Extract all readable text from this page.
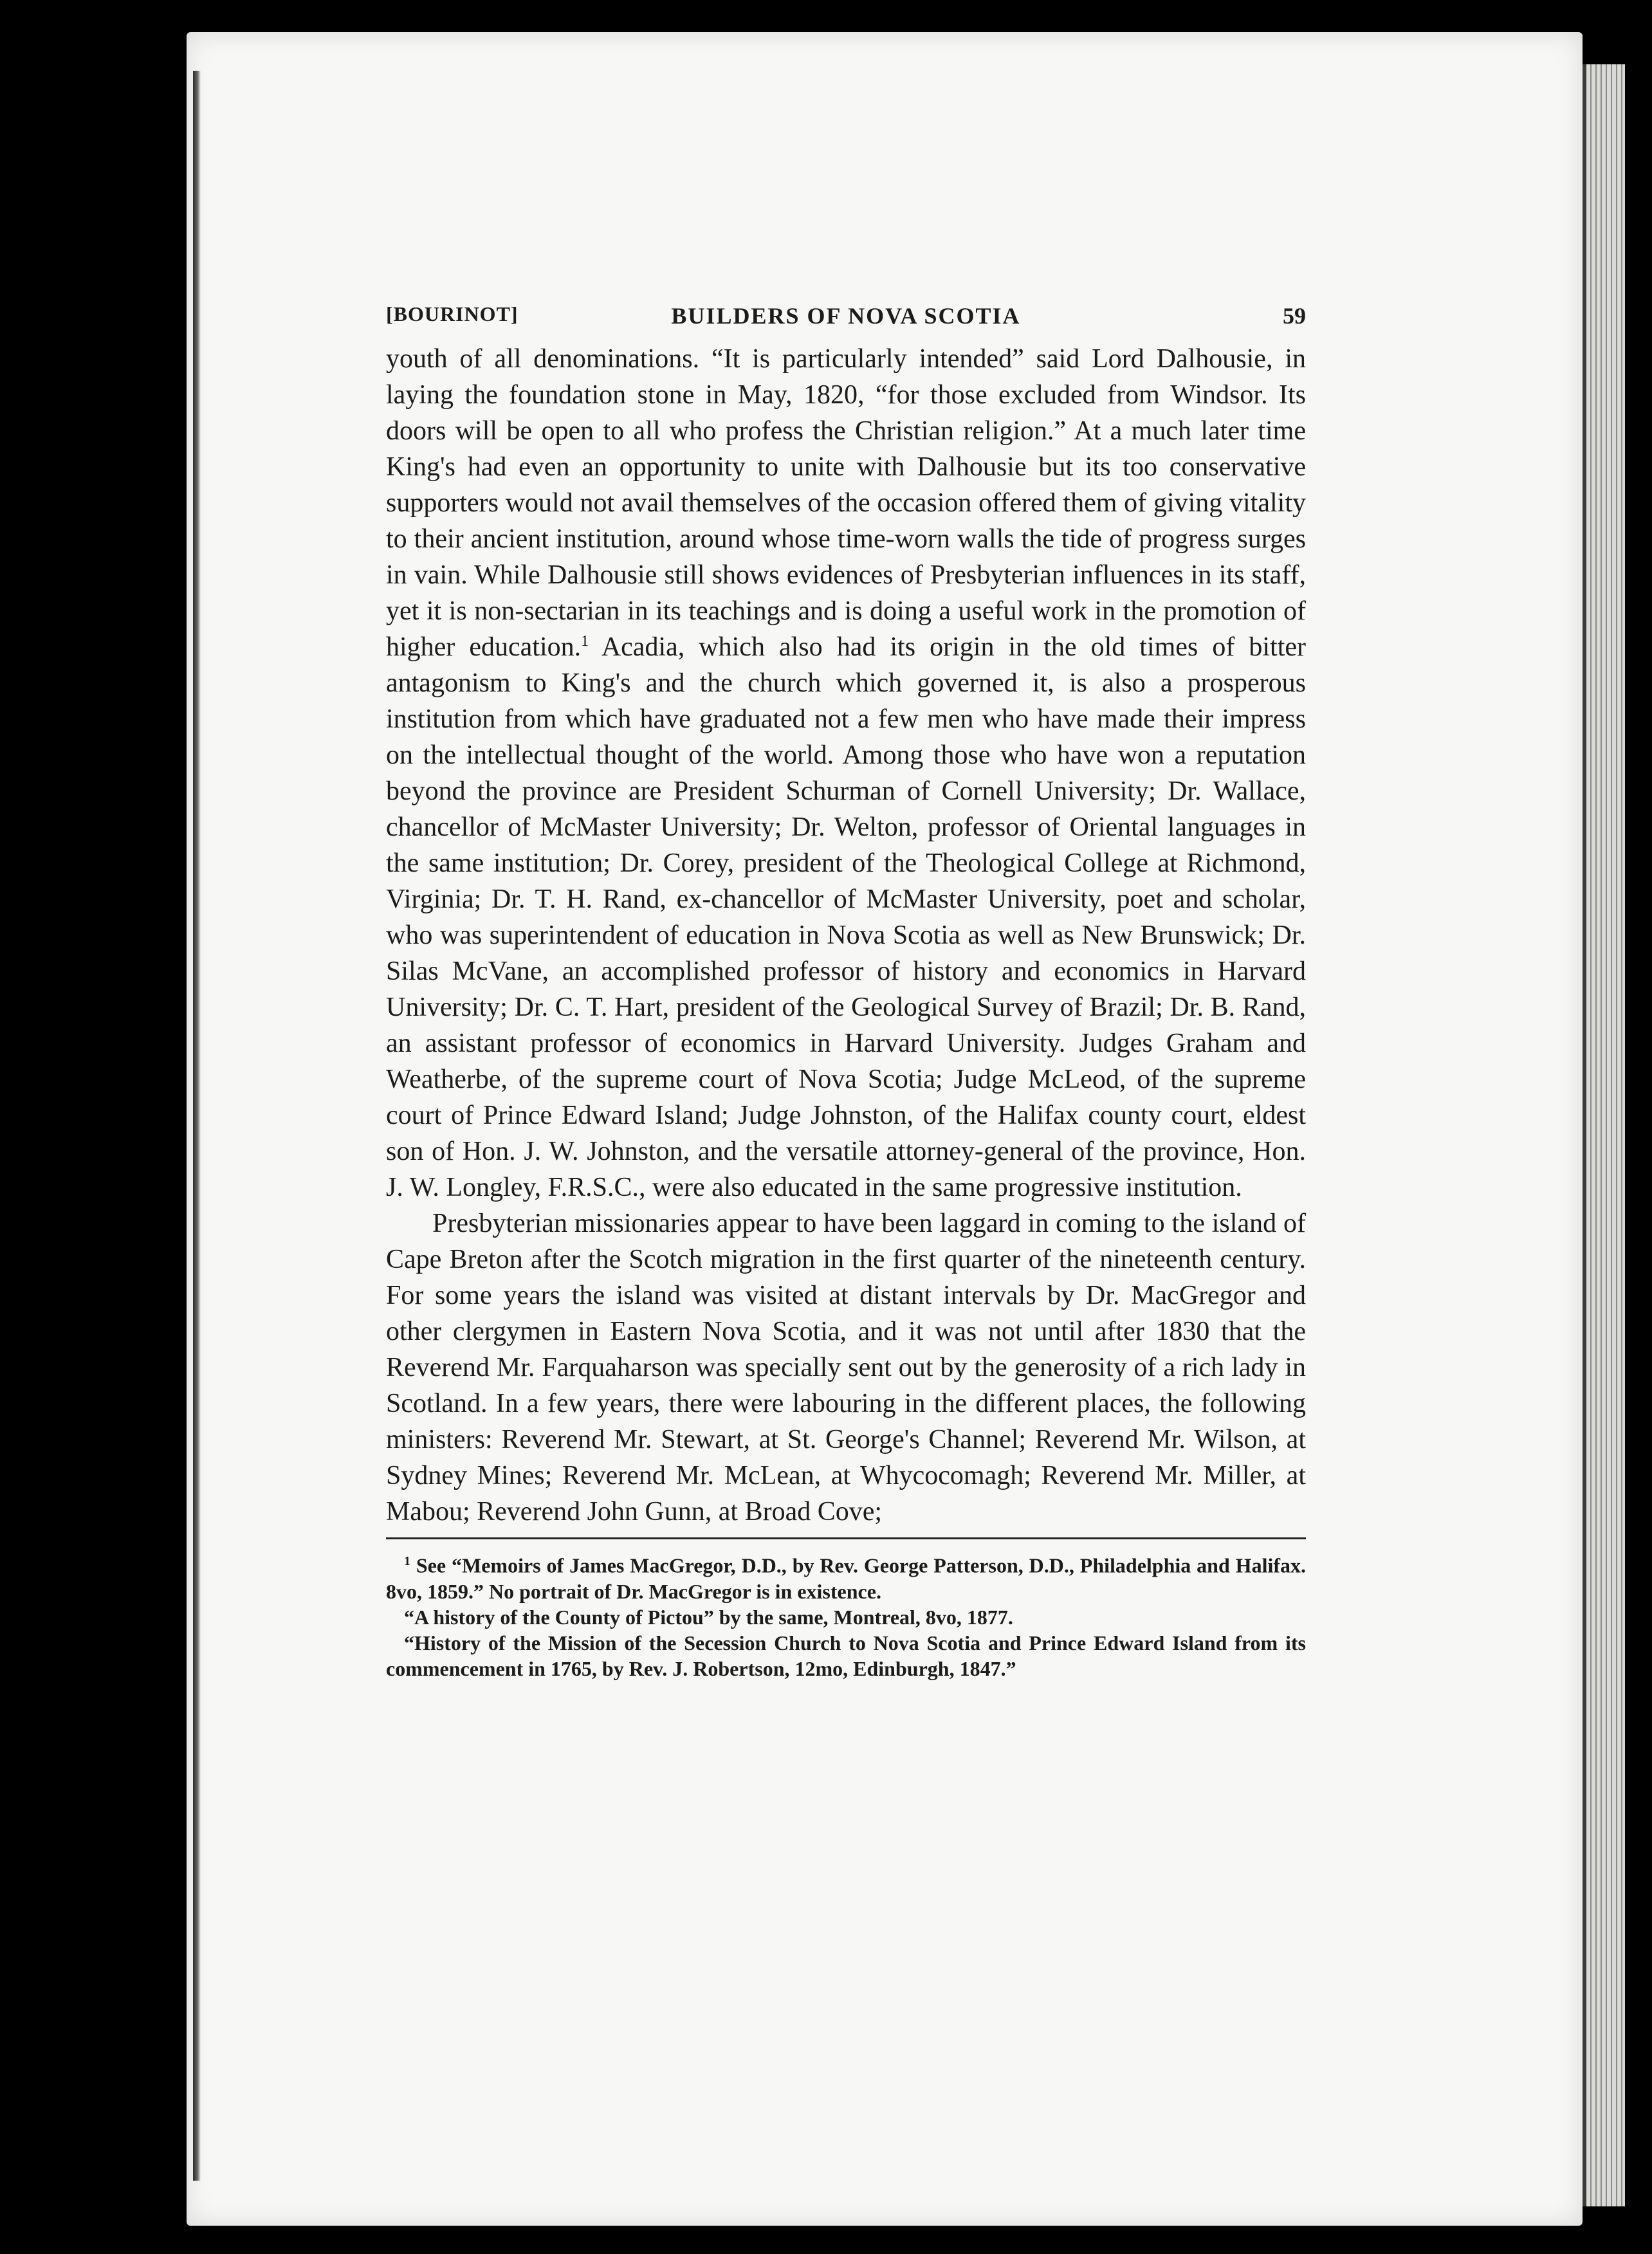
[BOURINOT]	BUILDERS OF NOVA SCOTIA	59

youth of all denominations. “It is particularly intended” said Lord Dalhousie, in laying the foundation stone in May, 1820, “for those excluded from Windsor. Its doors will be open to all who profess the Christian religion.” At a much later time King's had even an opportunity to unite with Dalhousie but its too conservative supporters would not avail themselves of the occasion offered them of giving vitality to their ancient institution, around whose time-worn walls the tide of progress surges in vain. While Dalhousie still shows evidences of Presbyterian influences in its staff, yet it is non-sectarian in its teachings and is doing a useful work in the promotion of higher education.$^1$ Acadia, which also had its origin in the old times of bitter antagonism to King's and the church which governed it, is also a prosperous institution from which have graduated not a few men who have made their impress on the intellectual thought of the world. Among those who have won a reputation beyond the province are President Schurman of Cornell University; Dr. Wallace, chancellor of McMaster University; Dr. Welton, professor of Oriental languages in the same institution; Dr. Corey, president of the Theological College at Richmond, Virginia; Dr. T. H. Rand, ex-chancellor of McMaster University, poet and scholar, who was superintendent of education in Nova Scotia as well as New Brunswick; Dr. Silas McVane, an accomplished professor of history and economics in Harvard University; Dr. C. T. Hart, president of the Geological Survey of Brazil; Dr. B. Rand, an assistant professor of economics in Harvard University. Judges Graham and Weatherbe, of the supreme court of Nova Scotia; Judge McLeod, of the supreme court of Prince Edward Island; Judge Johnston, of the Halifax county court, eldest son of Hon. J. W. Johnston, and the versatile attorney-general of the province, Hon. J. W. Longley, F.R.S.C., were also educated in the same progressive institution.

Presbyterian missionaries appear to have been laggard in coming to the island of Cape Breton after the Scotch migration in the first quarter of the nineteenth century. For some years the island was visited at distant intervals by Dr. MacGregor and other clergymen in Eastern Nova Scotia, and it was not until after 1830 that the Reverend Mr. Farquaharson was specially sent out by the generosity of a rich lady in Scotland. In a few years, there were labouring in the different places, the following ministers: Reverend Mr. Stewart, at St. George's Channel; Reverend Mr. Wilson, at Sydney Mines; Reverend Mr. McLean, at Whycocomagh; Reverend Mr. Miller, at Mabou; Reverend John Gunn, at Broad Cove;

$^1$ See “Memoirs of James MacGregor, D.D., by Rev. George Patterson, D.D., Philadelphia and Halifax. 8vo, 1859.” No portrait of Dr. MacGregor is in existence.

“A history of the County of Pictou” by the same, Montreal, 8vo, 1877.

“History of the Mission of the Secession Church to Nova Scotia and Prince Edward Island from its commencement in 1765, by Rev. J. Robertson, 12mo, Edinburgh, 1847.”
